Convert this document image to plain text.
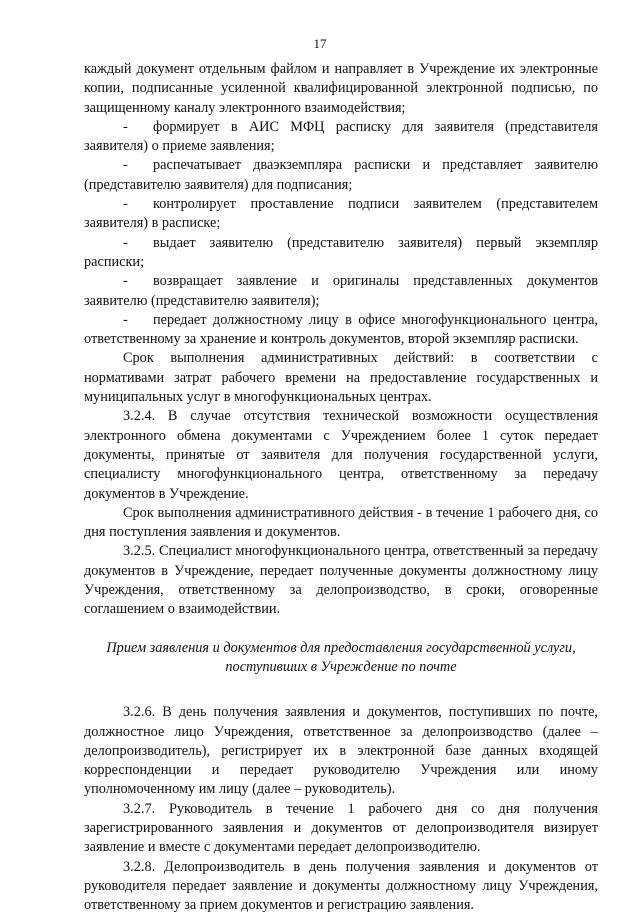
17

каждый документ отдельным файлом и направляет в Учреждение их электронные копии, подписанные усиленной квалифицированной электронной подписью, по защищенному каналу электронного взаимодействия;

- формирует в АИС МФЦ расписку для заявителя (представителя заявителя) о приеме заявления;

- распечатывает дваэкземпляра расписки и представляет заявителю (представителю заявителя) для подписания;

- контролирует проставление подписи заявителем (представителем заявителя) в расписке;

- выдает заявителю (представителю заявителя) первый экземпляр расписки;

- возвращает заявление и оригиналы представленных документов заявителю (представителю заявителя);

- передает должностному лицу в офисе многофункционального центра, ответственному за хранение и контроль документов, второй экземпляр расписки.

Срок выполнения административных действий: в соответствии с нормативами затрат рабочего времени на предоставление государственных и муниципальных услуг в многофункциональных центрах.

3.2.4. В случае отсутствия технической возможности осуществления электронного обмена документами с Учреждением более 1 суток передает документы, принятые от заявителя для получения государственной услуги, специалисту многофункционального центра, ответственному за передачу документов в Учреждение.

Срок выполнения административного действия - в течение 1 рабочего дня, со дня поступления заявления и документов.

3.2.5. Специалист многофункционального центра, ответственный за передачу документов в Учреждение, передает полученные документы должностному лицу Учреждения, ответственному за делопроизводство, в сроки, оговоренные соглашением о взаимодействии.

Прием заявления и документов для предоставления государственной услуги, поступивших в Учреждение по почте

3.2.6. В день получения заявления и документов, поступивших по почте, должностное лицо Учреждения, ответственное за делопроизводство (далее – делопроизводитель), регистрирует их в электронной базе данных входящей корреспонденции и передает руководителю Учреждения или иному уполномоченному им лицу (далее – руководитель).

3.2.7. Руководитель в течение 1 рабочего дня со дня получения зарегистрированного заявления и документов от делопроизводителя визирует заявление и вместе с документами передает делопроизводителю.

3.2.8. Делопроизводитель в день получения заявления и документов от руководителя передает заявление и документы должностному лицу Учреждения, ответственному за прием документов и регистрацию заявления.
